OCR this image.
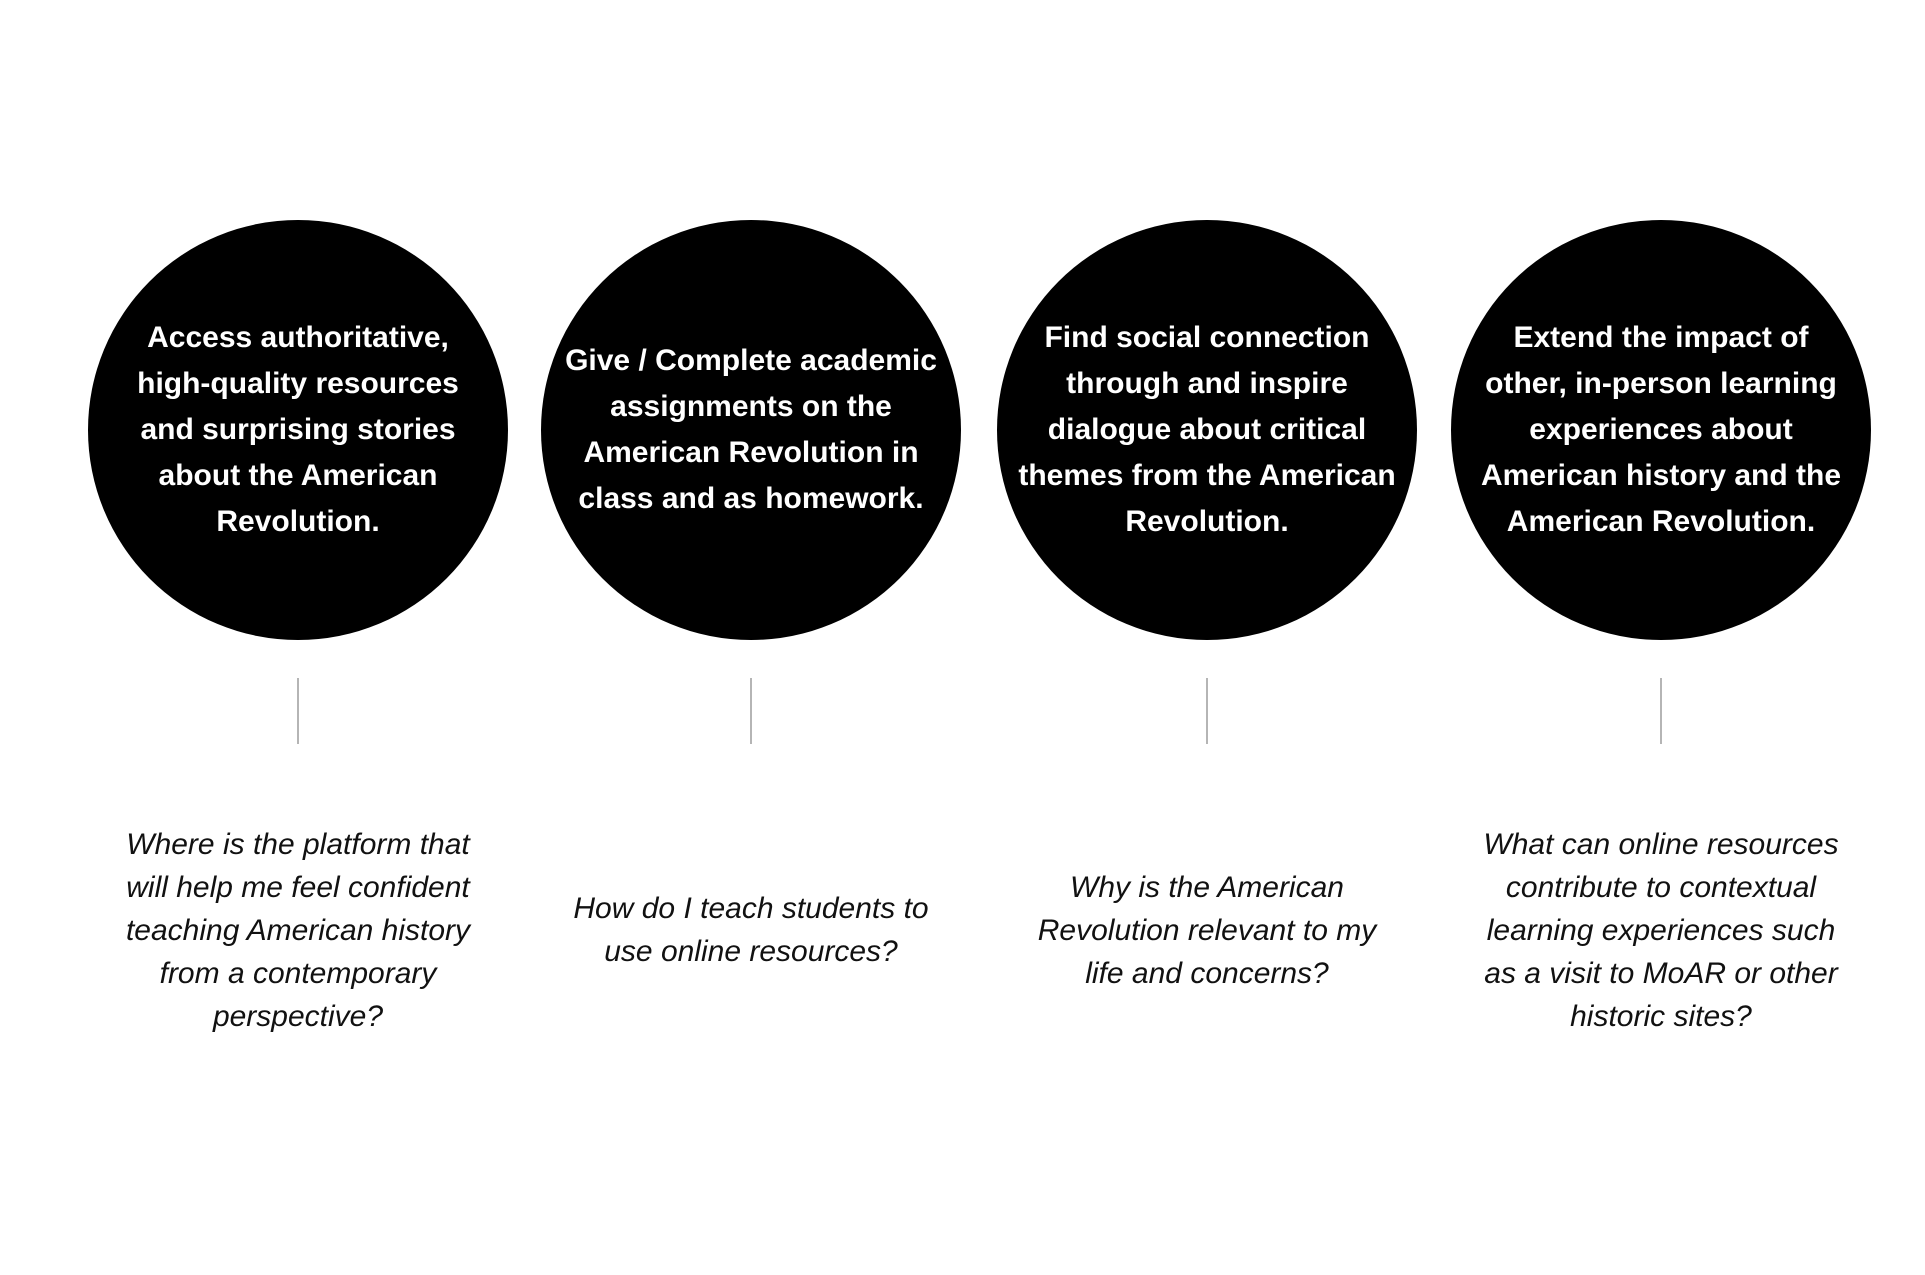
Access authoritative, high-quality resources and surprising stories about the American Revolution.

Where is the platform that will help me feel confident teaching American history from a contemporary perspective?

Give / Complete academic assignments on the American Revolution in class and as homework.

How do I teach students to use online resources?

Find social connection through and inspire dialogue about critical themes from the American Revolution.

Why is the American Revolution relevant to my life and concerns?

Extend the impact of other, in-person learning experiences about American history and the American Revolution.

What can online resources contribute to contextual learning experiences such as a visit to MoAR or other historic sites?
